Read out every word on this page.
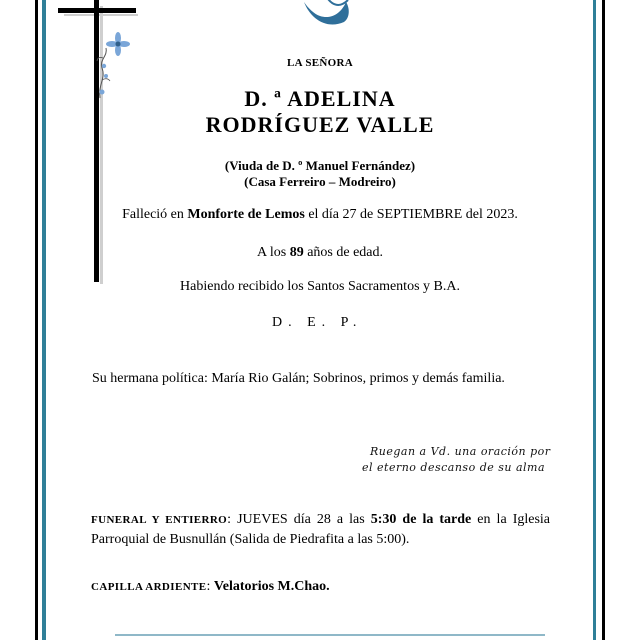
LA SEÑORA
D. ª ADELINA
RODRÍGUEZ VALLE
(Viuda de D. º Manuel Fernández)
(Casa Ferreiro – Modreiro)
Falleció en Monforte de Lemos el día 27 de SEPTIEMBRE del 2023.
A los 89 años de edad.
Habiendo recibido los Santos Sacramentos y B.A.
D. E. P.
Su hermana política: María Rio Galán; Sobrinos, primos y demás familia.
Ruegan a Vd. una oración por
el eterno descanso de su alma
FUNERAL Y ENTIERRO: JUEVES día 28 a las 5:30 de la tarde en la Iglesia Parroquial de Busnullán (Salida de Piedrafita a las 5:00).
CAPILLA ARDIENTE: Velatorios M.Chao.
